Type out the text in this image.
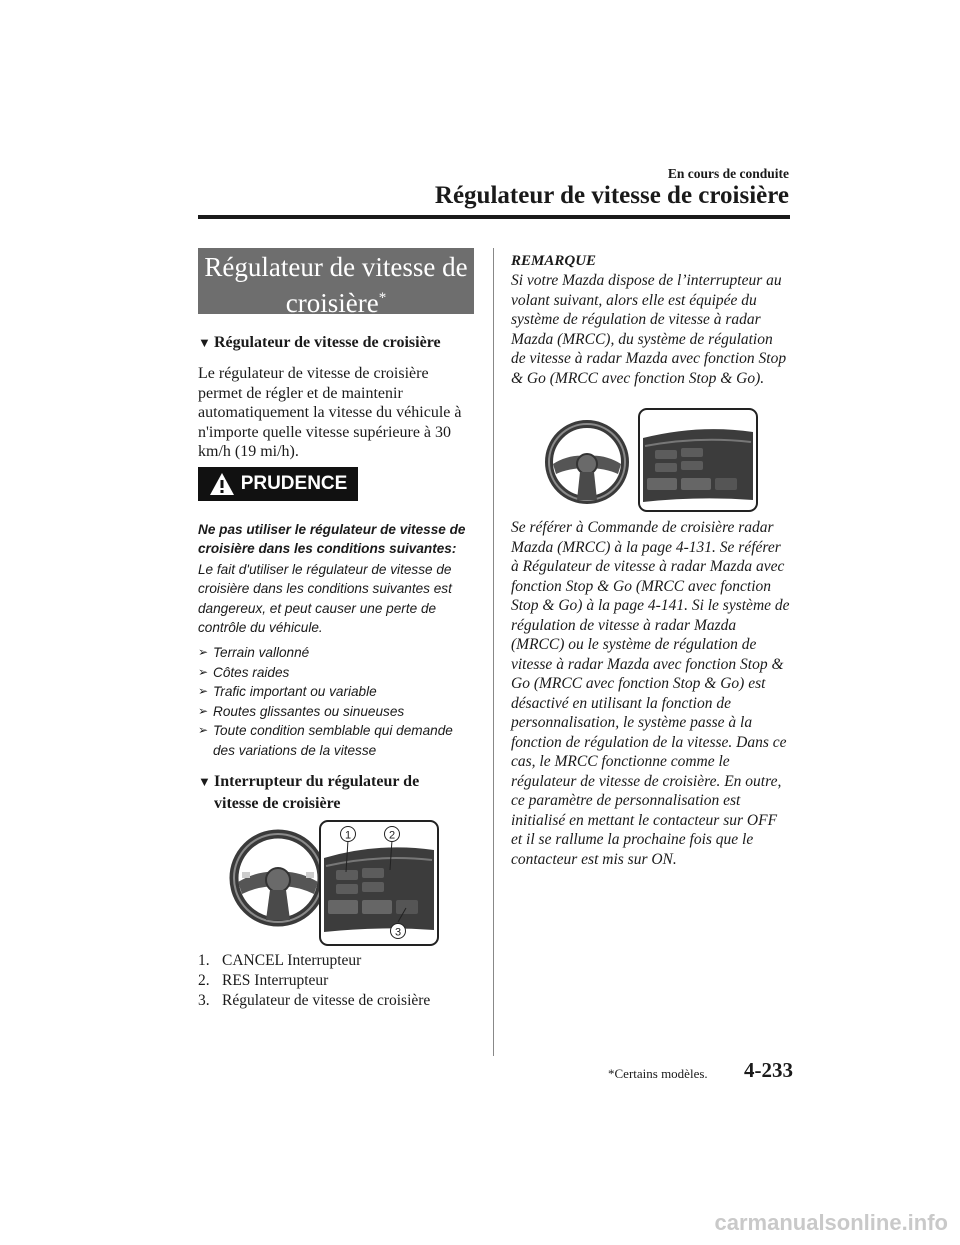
En cours de conduite
Régulateur de vitesse de croisière
Régulateur de vitesse de croisière*
▼ Régulateur de vitesse de croisière
Le régulateur de vitesse de croisière permet de régler et de maintenir automatiquement la vitesse du véhicule à n'importe quelle vitesse supérieure à 30 km/h (19 mi/h).
PRUDENCE
Ne pas utiliser le régulateur de vitesse de croisière dans les conditions suivantes:
Le fait d'utiliser le régulateur de vitesse de croisière dans les conditions suivantes est dangereux, et peut causer une perte de contrôle du véhicule.
➢ Terrain vallonné
➢ Côtes raides
➢ Trafic important ou variable
➢ Routes glissantes ou sinueuses
➢ Toute condition semblable qui demande des variations de la vitesse
▼ Interrupteur du régulateur de
vitesse de croisière
1	2
3
1. CANCEL Interrupteur
2. RES Interrupteur
3. Régulateur de vitesse de croisière
REMARQUE
Si votre Mazda dispose de l’interrupteur au volant suivant, alors elle est équipée du système de régulation de vitesse à radar Mazda (MRCC), du système de régulation de vitesse à radar Mazda avec fonction Stop & Go (MRCC avec fonction Stop & Go).
Se référer à Commande de croisière radar Mazda (MRCC) à la page 4-131. Se référer à Régulateur de vitesse à radar Mazda avec fonction Stop & Go (MRCC avec fonction Stop & Go) à la page 4-141. Si le système de régulation de vitesse à radar Mazda (MRCC) ou le système de régulation de vitesse à radar Mazda avec fonction Stop & Go (MRCC avec fonction Stop & Go) est désactivé en utilisant la fonction de personnalisation, le système passe à la fonction de régulation de la vitesse. Dans ce cas, le MRCC fonctionne comme le régulateur de vitesse de croisière. En outre, ce paramètre de personnalisation est initialisé en mettant le contacteur sur OFF et il se rallume la prochaine fois que le contacteur est mis sur ON.
*Certains modèles. 4-233
carmanualsonline.info
